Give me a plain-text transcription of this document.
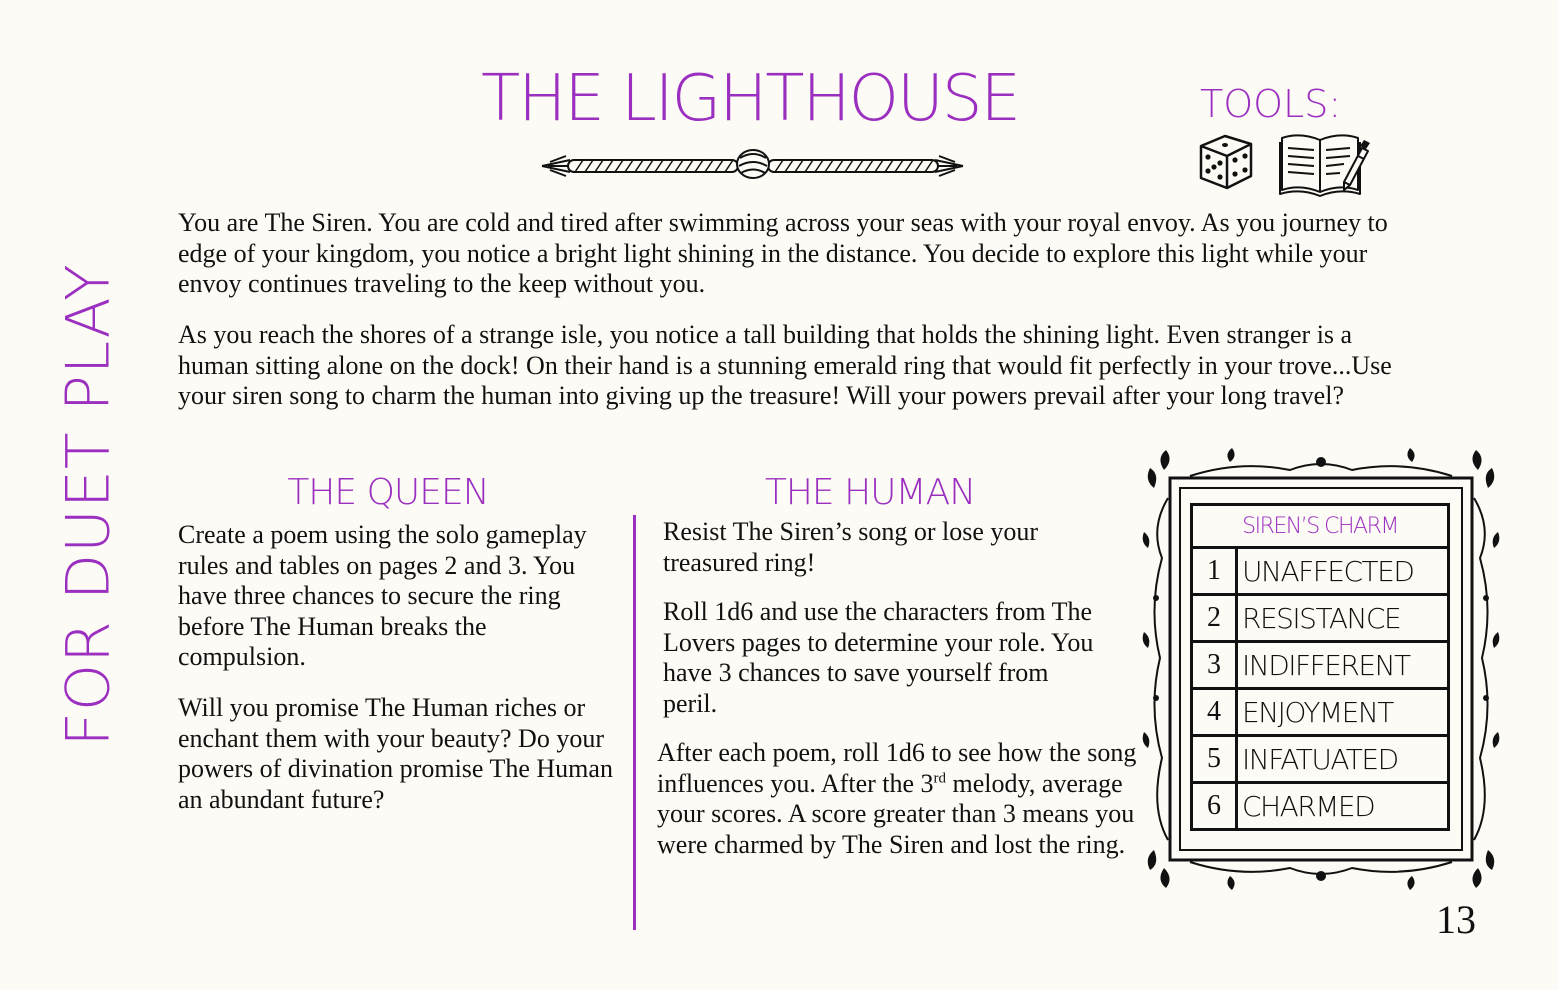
FOR DUET PLAY
THE LIGHTHOUSE	TOOLS:

You are The Siren. You are cold and tired after swimming across your seas with your royal envoy. As you journey to edge of your kingdom, you notice a bright light shining in the distance. You decide to explore this light while your envoy continues traveling to the keep without you.

As you reach the shores of a strange isle, you notice a tall building that holds the shining light. Even stranger is a human sitting alone on the dock! On their hand is a stunning emerald ring that would fit perfectly in your trove...Use your siren song to charm the human into giving up the treasure! Will your powers prevail after your long travel?

THE QUEEN	THE HUMAN

Create a poem using the solo gameplay rules and tables on pages 2 and 3. You have three chances to secure the ring before The Human breaks the compulsion.

Will you promise The Human riches or enchant them with your beauty? Do your powers of divination promise The Human an abundant future?

Resist The Siren’s song or lose your treasured ring!

Roll 1d6 and use the characters from The Lovers pages to determine your role. You have 3 chances to save yourself from peril.

After each poem, roll 1d6 to see how the song influences you. After the 3rd melody, average your scores. A score greater than 3 means you were charmed by The Siren and lost the ring.

SIREN’S CHARM	
1	UNAFFECTED
2	RESISTANCE
3	INDIFFERENT
4	ENJOYMENT
5	INFATUATED
6	CHARMED
13
